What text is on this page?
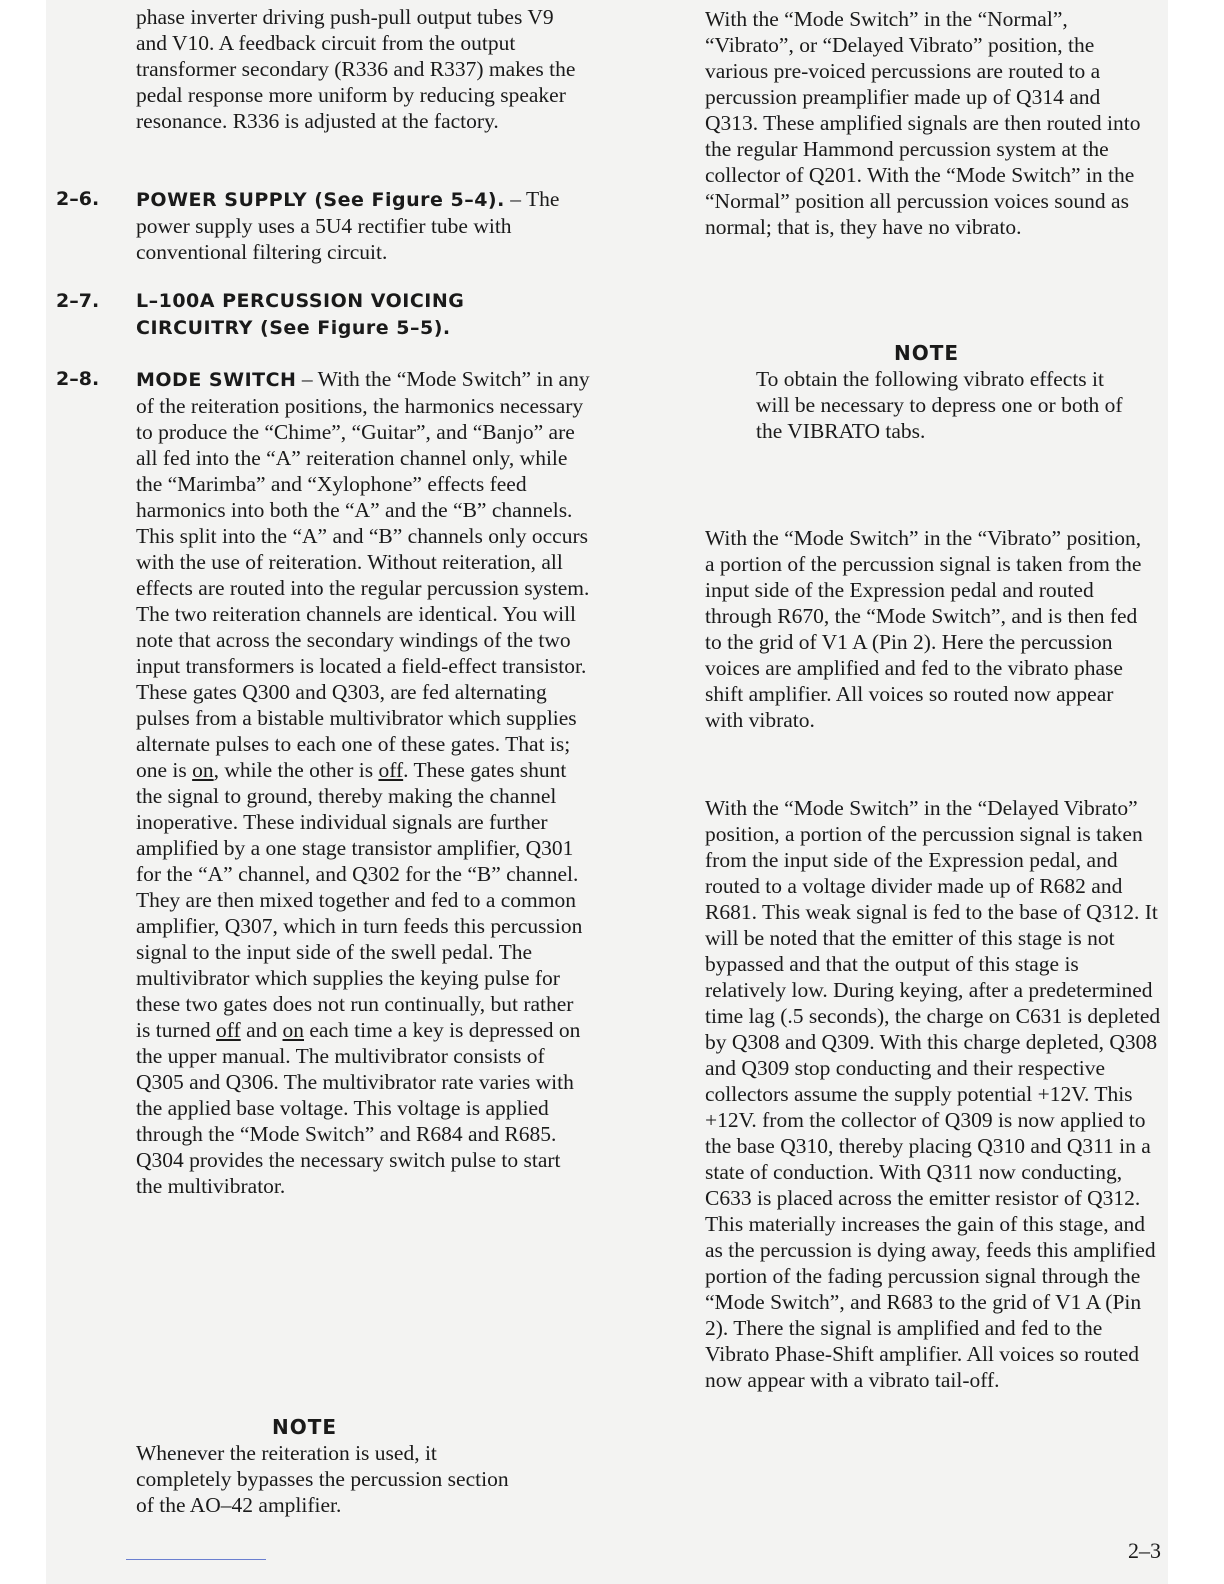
phase inverter driving push-pull output tubes V9 and V10. A feedback circuit from the output transformer secondary (R336 and R337) makes the pedal response more uniform by reducing speaker resonance. R336 is adjusted at the factory.
2–6. POWER SUPPLY (See Figure 5–4). – The power supply uses a 5U4 rectifier tube with conventional filtering circuit.
2–7. L–100A PERCUSSION VOICING CIRCUITRY (See Figure 5–5).
2–8. MODE SWITCH – With the “Mode Switch” in any of the reiteration positions, the harmonics necessary to produce the “Chime”, “Guitar”, and “Banjo” are all fed into the “A” reiteration channel only, while the “Marimba” and “Xylophone” effects feed harmonics into both the “A” and the “B” channels. This split into the “A” and “B” channels only occurs with the use of reiteration. Without reiteration, all effects are routed into the regular percussion system. The two reiteration channels are identical. You will note that across the secondary windings of the two input transformers is located a field-effect transistor. These gates Q300 and Q303, are fed alternating pulses from a bistable multivibrator which supplies alternate pulses to each one of these gates. That is; one is on, while the other is off. These gates shunt the signal to ground, thereby making the channel inoperative. These individual signals are further amplified by a one stage transistor amplifier, Q301 for the “A” channel, and Q302 for the “B” channel. They are then mixed together and fed to a common amplifier, Q307, which in turn feeds this percussion signal to the input side of the swell pedal. The multivibrator which supplies the keying pulse for these two gates does not run continually, but rather is turned off and on each time a key is depressed on the upper manual. The multivibrator consists of Q305 and Q306. The multivibrator rate varies with the applied base voltage. This voltage is applied through the “Mode Switch” and R684 and R685. Q304 provides the necessary switch pulse to start the multivibrator.
NOTE
Whenever the reiteration is used, it completely bypasses the percussion section of the AO–42 amplifier.
With the “Mode Switch” in the “Normal”, “Vibrato”, or “Delayed Vibrato” position, the various pre-voiced percussions are routed to a percussion preamplifier made up of Q314 and Q313. These amplified signals are then routed into the regular Hammond percussion system at the collector of Q201. With the “Mode Switch” in the “Normal” position all percussion voices sound as normal; that is, they have no vibrato.
NOTE
To obtain the following vibrato effects it will be necessary to depress one or both of the VIBRATO tabs.
With the “Mode Switch” in the “Vibrato” position, a portion of the percussion signal is taken from the input side of the Expression pedal and routed through R670, the “Mode Switch”, and is then fed to the grid of V1 A (Pin 2). Here the percussion voices are amplified and fed to the vibrato phase shift amplifier. All voices so routed now appear with vibrato.
With the “Mode Switch” in the “Delayed Vibrato” position, a portion of the percussion signal is taken from the input side of the Expression pedal, and routed to a voltage divider made up of R682 and R681. This weak signal is fed to the base of Q312. It will be noted that the emitter of this stage is not bypassed and that the output of this stage is relatively low. During keying, after a predetermined time lag (.5 seconds), the charge on C631 is depleted by Q308 and Q309. With this charge depleted, Q308 and Q309 stop conducting and their respective collectors assume the supply potential +12V. This +12V. from the collector of Q309 is now applied to the base Q310, thereby placing Q310 and Q311 in a state of conduction. With Q311 now conducting, C633 is placed across the emitter resistor of Q312. This materially increases the gain of this stage, and as the percussion is dying away, feeds this amplified portion of the fading percussion signal through the “Mode Switch”, and R683 to the grid of V1 A (Pin 2). There the signal is amplified and fed to the Vibrato Phase-Shift amplifier. All voices so routed now appear with a vibrato tail-off.
2–3
